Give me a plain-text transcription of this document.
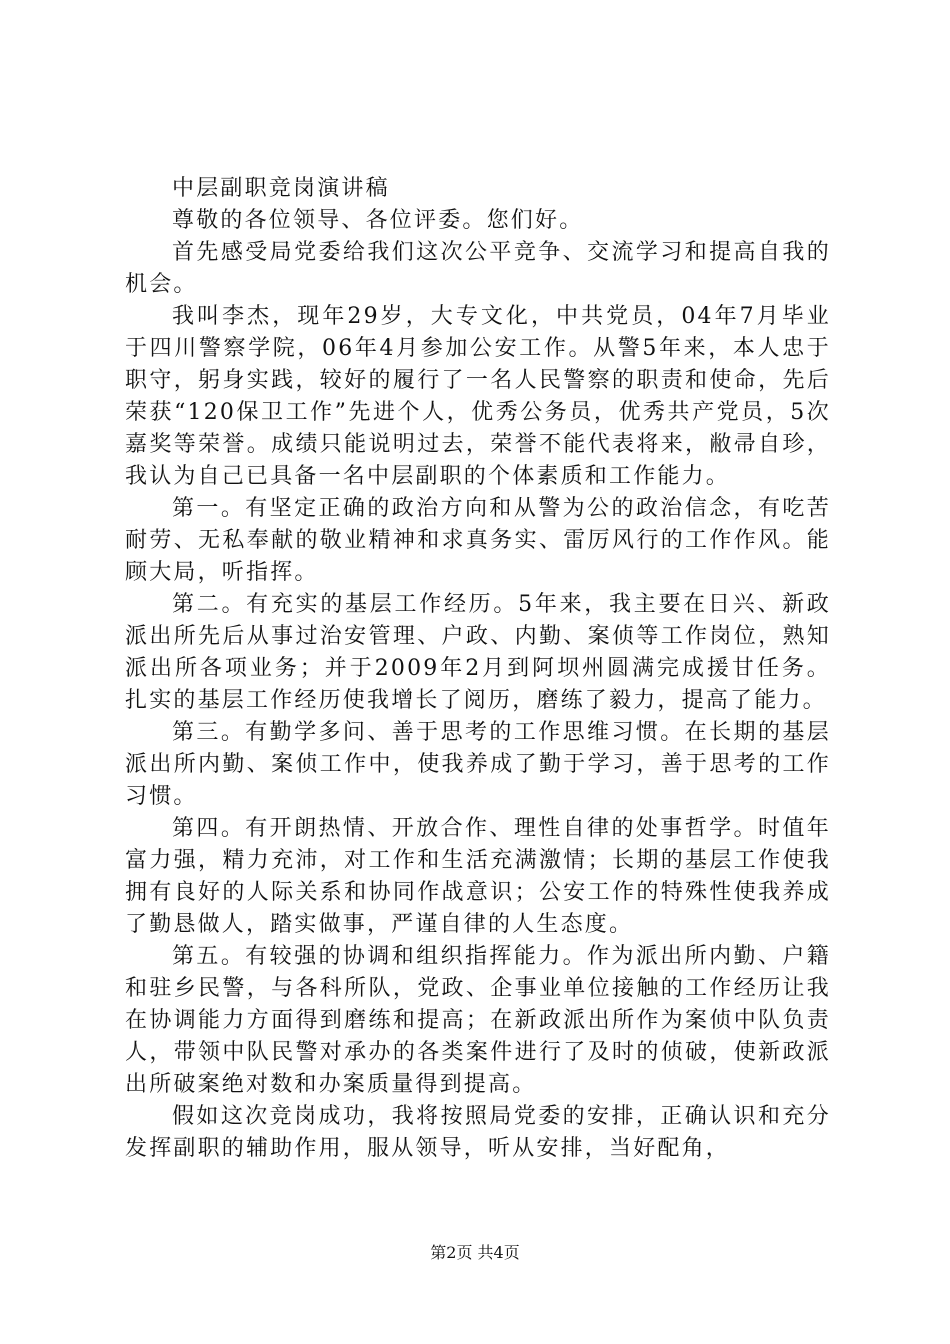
中层副职竞岗演讲稿

尊敬的各位领导、各位评委。您们好。

首先感受局党委给我们这次公平竞争、交流学习和提高自我的机会。

我叫李杰，现年29岁，大专文化，中共党员，04年7月毕业于四川警察学院，06年4月参加公安工作。从警5年来，本人忠于职守，躬身实践，较好的履行了一名人民警察的职责和使命，先后荣获“120保卫工作”先进个人，优秀公务员，优秀共产党员，5次嘉奖等荣誉。成绩只能说明过去，荣誉不能代表将来，敝帚自珍，我认为自己已具备一名中层副职的个体素质和工作能力。

第一。有坚定正确的政治方向和从警为公的政治信念，有吃苦耐劳、无私奉献的敬业精神和求真务实、雷厉风行的工作作风。能顾大局，听指挥。

第二。有充实的基层工作经历。5年来，我主要在日兴、新政派出所先后从事过治安管理、户政、内勤、案侦等工作岗位，熟知派出所各项业务；并于2009年2月到阿坝州圆满完成援甘任务。扎实的基层工作经历使我增长了阅历，磨练了毅力，提高了能力。

第三。有勤学多问、善于思考的工作思维习惯。在长期的基层派出所内勤、案侦工作中，使我养成了勤于学习，善于思考的工作习惯。

第四。有开朗热情、开放合作、理性自律的处事哲学。时值年富力强，精力充沛，对工作和生活充满激情；长期的基层工作使我拥有良好的人际关系和协同作战意识；公安工作的特殊性使我养成了勤恳做人，踏实做事，严谨自律的人生态度。

第五。有较强的协调和组织指挥能力。作为派出所内勤、户籍和驻乡民警，与各科所队，党政、企事业单位接触的工作经历让我在协调能力方面得到磨练和提高；在新政派出所作为案侦中队负责人，带领中队民警对承办的各类案件进行了及时的侦破，使新政派出所破案绝对数和办案质量得到提高。

假如这次竞岗成功，我将按照局党委的安排，正确认识和充分发挥副职的辅助作用，服从领导，听从安排，当好配角，

第2页 共4页
